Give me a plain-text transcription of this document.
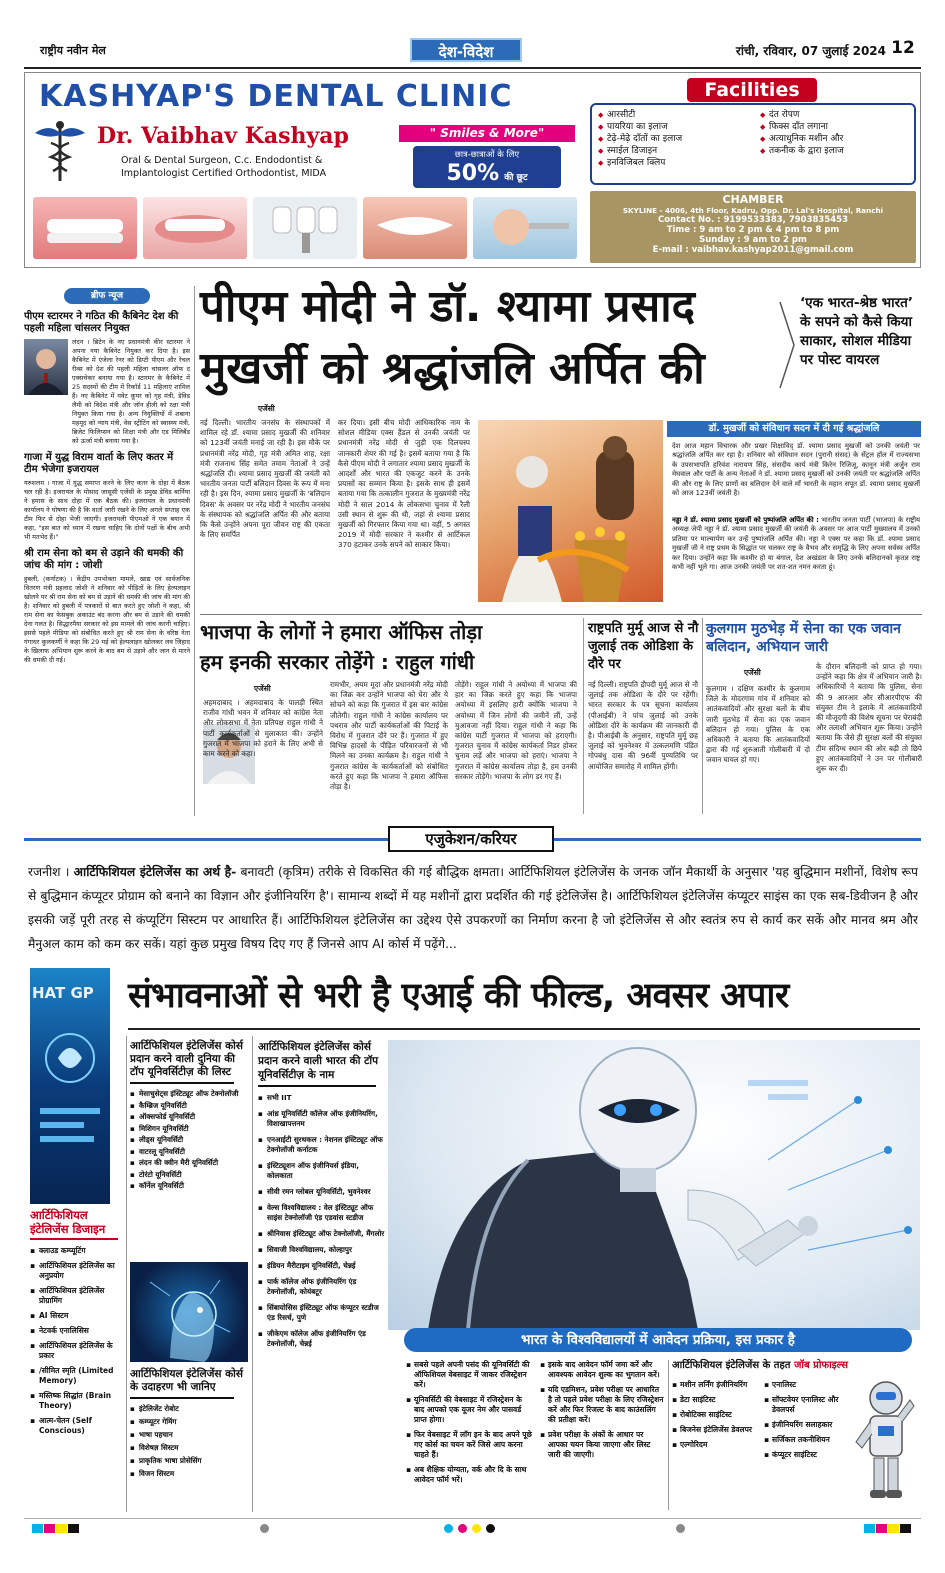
राष्ट्रीय नवीन मेल	देश-विदेश	रांची, रविवार, 07 जुलाई 2024 12
KASHYAP'S DENTAL CLINIC
Dr. Vaibhav Kashyap	" Smiles & More"
Oral & Dental Surgeon, C.c. Endodontist &
Implantologist Certified Orthodontist, MIDA
छात्र-छात्राओं के लिए
50% की छूट
Facilities
◆ आरसीटी
◆ पायरिया का इलाज
◆ टेढ़े-मेढ़े दाँतों का इलाज
◆ स्माईल डिजाइन
◆ इनविजिबल क्लिप
◆ दंत रोपण
◆ फिक्स दाँत लगाना
◆ अत्याधुनिक मशीन और
◆ तकनीक के द्वारा इलाज
CHAMBER
SKYLINE - 4006, 4th Floor, Kadru, Opp. Dr. Lal's Hospital, Ranchi
Contact No. : 9199533383, 7903835453
Time : 9 am to 2 pm & 4 pm to 8 pm
Sunday : 9 am to 2 pm
E-mail : vaibhav.kashyap2011@gmail.com
ब्रीफ न्यूज
पीएम स्टारमर ने गठित की कैबिनेट देश की पहली महिला चांसलर नियुक्त
लंदन । ब्रिटेन के नए प्रधानमंत्री कीर स्टारमर ने अपना नया कैबिनेट नियुक्त कर दिया है। इस कैबिनेट में एंजेला रेनर को डिप्टी पीएम और रेचल रीव्स को देश की पहली महिला चांसलर ऑफ द एक्सचेकर बनाया गया है। स्टारमर के कैबिनेट में 25 सदस्यों की टीम में रिकॉर्ड 11 महिलाएं शामिल हैं। नए कैबिनेट में यवेट कूपर को गृह मंत्री, डेविड लैमी को विदेश मंत्री और जॉन हीली को रक्षा मंत्री नियुक्त किया गया है। अन्य नियुक्तियों में शबाना महमूद को न्याय मंत्री, वेस स्ट्रीटिंग को स्वास्थ्य मंत्री, ब्रिजेट फिलिप्सन को शिक्षा मंत्री और एड मिलिबैंड को ऊर्जा मंत्री बनाया गया है।
गाजा में युद्ध विराम वार्ता के लिए कतर में टीम भेजेगा इजरायल
यरुशलम । गाजा में युद्ध समाप्त करने के लिए कतर के दोहा में बैठक चल रही है। इजरायल के मोसाद जासूसी एजेंसी के प्रमुख डेविड बार्निया ने हमास के साथ दोहा में एक बैठक की। इजरायल के प्रधानमंत्री कार्यालय ने घोषणा की है कि वार्ता जारी रखने के लिए अगले सप्ताह एक टीम फिर से दोहा भेजी जाएगी। इजरायली पीएमओ ने एक बयान में कहा, "इस बात को ध्यान में रखना चाहिए कि दोनों पक्षों के बीच अभी भी मतभेद हैं।"
श्री राम सेना को बम से उड़ाने की धमकी की जांच की मांग : जोशी
हुबली, (कर्नाटक) । केंद्रीय उपभोक्ता मामले, खाद्य एवं सार्वजनिक वितरण मंत्री प्रहलाद जोशी ने शनिवार को पीड़ितों के लिए हेल्पलाइन खोलने पर श्री राम सेना को बम से उड़ाने की धमकी की जांच की मांग की है। शनिवार को हुबली में पत्रकारों से बात करते हुए जोशी ने कहा, श्री राम सेना का फेसबुक अकाउंट बंद करना और बम से उड़ाने की धमकी देना गलत है। सिद्धारमैया सरकार को इस मामले की जांच करनी चाहिए। इससे पहले मीडिया को संबोधित करते हुए श्री राम सेना के वरिष्ठ नेता गंगाधर कुलकर्णी ने कहा कि 29 मई को हेल्पलाइन खोलकर लव जिहाद के खिलाफ अभियान शुरू करने के बाद बम से उड़ाने और जान से मारने की धमकी दी गई।
पीएम मोदी ने डॉ. श्यामा प्रसाद
मुखर्जी को श्रद्धांजलि अर्पित की
‘एक भारत-श्रेष्ठ भारत’ के सपने को कैसे किया साकार, सोशल मीडिया पर पोस्ट वायरल
एजेंसी
नई दिल्ली। भारतीय जनसंघ के संस्थापकों में शामिल रहे डॉ. श्यामा प्रसाद मुखर्जी की शनिवार को 123वीं जयंती मनाई जा रही है। इस मौके पर प्रधानमंत्री नरेंद्र मोदी, गृह मंत्री अमित शाह, रक्षा मंत्री राजनाथ सिंह समेत तमाम नेताओं ने उन्हें श्रद्धांजलि दी। श्यामा प्रसाद मुखर्जी की जयंती को भारतीय जनता पार्टी बलिदान दिवस के रूप में मना रही है। इस दिन, श्यामा प्रसाद मुखर्जी के 'बलिदान दिवस' के अवसर पर नरेंद्र मोदी ने भारतीय जनसंघ के संस्थापक को श्रद्धांजलि अर्पित की और बताया कि कैसे उन्होंने अपना पूरा जीवन राष्ट्र की एकता के लिए समर्पित
कर दिया। इसी बीच मोदी आधिकारिक नाम के सोशल मीडिया एक्स हैंडल से उनकी जयंती पर प्रधानमंत्री नरेंद्र मोदी से जुड़ी एक दिलचस्प जानकारी शेयर की गई है। इसमें बताया गया है कि कैसे पीएम मोदी ने लगातार श्यामा प्रसाद मुखर्जी के आदर्शों और भारत की एकजुट करने के उनके प्रयासों का सम्मान किया है। इसके साथ ही इसमें बताया गया कि तत्कालीन गुजरात के मुख्यमंत्री नरेंद्र मोदी ने साल 2014 के लोकसभा चुनाव में रैली उसी स्थान से शुरू की थी, जहां से श्यामा प्रसाद मुखर्जी को गिरफ्तार किया गया था। वहीं, 5 अगस्त 2019 में मोदी सरकार ने कश्मीर से आर्टिकल 370 हटाकर उनके सपने को साकार किया।
डॉ. मुखर्जी को संविधान सदन में दी गई श्रद्धांजलि
देश आज महान विचारक और प्रखर शिक्षाविद् डॉ. श्यामा प्रसाद मुखर्जी को उनकी जयंती पर श्रद्धांजलि अर्पित कर रहा है। शनिवार को संविधान सदन (पुरानी संसद) के सेंट्रल हॉल में राज्यसभा के उपसभापति हरिवंश नारायण सिंह, संसदीय कार्य मंत्री किरेन रिजिजू, कानून मंत्री अर्जुन राम मेघवाल और पार्टी के अन्य नेताओं ने डॉ. श्यामा प्रसाद मुखर्जी को उनकी जयंती पर श्रद्धांजलि अर्पित की और राष्ट्र के लिए प्राणों का बलिदान देने वाले माँ भारती के महान सपूत डॉ. श्यामा प्रसाद मुखर्जी को आज 123वीं जयंती है।
नड्डा ने डॉ. श्यामा प्रसाद मुखर्जी को पुष्पांजलि अर्पित की : भारतीय जनता पार्टी (भाजपा) के राष्ट्रीय अध्यक्ष जेपी नड्डा ने डॉ. श्यामा प्रसाद मुखर्जी की जयंती के अवसर पर आज पार्टी मुख्यालय में उनको प्रतिमा पर माल्यार्पण कर उन्हें पुष्पांजलि अर्पित की। नड्डा ने एक्स पर कहा कि डॉ. श्यामा प्रसाद मुखर्जी जी ने राष्ट्र प्रथम के सिद्धांत पर चलकर राष्ट्र के वैभव और समृद्धि के लिए अपना सर्वस्व अर्पित कर दिया। उन्होंने कहा कि कश्मीर हो या बंगाल, देश अखंडता के लिए उनके बलिदानको कृतज्ञ राष्ट्र कभी नहीं भूले गा। आज उनकी जयंती पर शत-शत नमन करता हूं।
भाजपा के लोगों ने हमारा ऑफिस तोड़ा
हम इनकी सरकार तोड़ेंगे : राहुल गांधी
एजेंसी
अहमदाबाद । अहमदाबाद के पालड़ी स्थित राजीव गांधी भवन में शनिवार को कांग्रेस नेता और लोकसभा में नेता प्रतिपक्ष राहुल गांधी ने पार्टी कार्यकर्ताओं से मुलाकात की। उन्होंने गुजरात में भाजपा को हराने के लिए अभी से काम करने को कहा।
रामभीर, अयम मूदा और प्रधानमंत्री नरेंद्र मोदी का जिक्र कर उन्होंने भाजपा को घेरा और ये सोचने को कहा कि गुजरात में इस बार कांग्रेस जीतेगी। राहुल गांधी ने कांग्रेस कार्यालय पर पथराव और पार्टी कार्यकर्ताओं की पिटाई के विरोध में गुजरात दौरे पर हैं। गुजरात में हुए विभिन्न हादसों के पीड़ित परिवारजनों से भी मिलने का उनका कार्यक्रम है। राहुल गांधी ने गुजरात कांग्रेस के कार्यकर्ताओं को संबोधित करते हुए कहा कि भाजपा ने हमारा ऑफिस तोड़ा है।
तोड़ेंगे। राहुल गांधी ने अयोध्या में भाजपा की हार का जिक्र करते हुए कहा कि भाजपा अयोध्या में इसलिए हारी क्योंकि भाजपा ने अयोध्या में जिन लोगों की जमीनें लीं, उन्हें मुआवजा नहीं दिया। राहुल गांधी ने कहा कि कांग्रेस पार्टी गुजरात में भाजपा को हराएगी। गुजरात चुनाव में कांग्रेस कार्यकर्ता निडर होकर चुनाव लड़ें और भाजपा को हराएं। भाजपा ने गुजरात में कांग्रेस कार्यालय तोड़ा है, हम उनकी सरकार तोड़ेंगे। भाजपा के लोग डर गए हैं।
राष्ट्रपति मुर्मू आज से नौ जुलाई तक ओडिशा के दौरे पर
नई दिल्ली। राष्ट्रपति द्रौपदी मुर्मू आज से नौ जुलाई तक ओडिशा के दौरे पर रहेंगी। भारत सरकार के पत्र सूचना कार्यालय (पीआईबी) ने पांच जुलाई को उनके ओडिशा दौरे के कार्यक्रम की जानकारी दी है। पीआईबी के अनुसार, राष्ट्रपति मुर्मू छह जुलाई को भुवनेश्वर में उत्कलमणि पंडित गोपबंधु दास की 96वीं पुण्यतिथि पर आयोजित समारोह में शामिल होंगी।
कुलगाम मुठभेड़ में सेना का एक जवान बलिदान, अभियान जारी
एजेंसी
कुलगाम । दक्षिण कश्मीर के कुलगाम जिले के मोदरगाम गांव में शनिवार को आतंकवादियों और सुरक्षा बलों के बीच जारी मुठभेड़ में सेना का एक जवान बलिदान हो गया। पुलिस के एक अधिकारी ने बताया कि आतंकवादियों द्वारा की गई शुरुआती गोलीबारी में दो जवान घायल हो गए।
के दौरान बलिदानी को प्राप्त हो गया। उन्होंने कहा कि क्षेत्र में अभियान जारी है। अधिकारियों ने बताया कि पुलिस, सेना की 9 आरआर और सीआरपीएफ की संयुक्त टीम ने इलाके में आतंकवादियों की मौजूदगी की विशेष सूचना पर घेराबंदी और तलाशी अभियान शुरू किया। उन्होंने बताया कि जैसे ही सुरक्षा बलों की संयुक्त टीम संदिग्ध स्थान की ओर बढ़ी तो छिपे हुए आतंकवादियों ने उन पर गोलीबारी शुरू कर दी।
एजुकेशन/करियर
रजनीश । आर्टिफिशियल इंटेलिजेंस का अर्थ है- बनावटी (कृत्रिम) तरीके से विकसित की गई बौद्धिक क्षमता। आर्टिफिशियल इंटेलिजेंस के जनक जॉन मैकार्थी के अनुसार 'यह बुद्धिमान मशीनों, विशेष रूप से बुद्धिमान कंप्यूटर प्रोग्राम को बनाने का विज्ञान और इंजीनियरिंग है'। सामान्य शब्दों में यह मशीनों द्वारा प्रदर्शित की गई इंटेलिजेंस है। आर्टिफिशियल इंटेलिजेंस कंप्यूटर साइंस का एक सब-डिवीजन है और इसकी जड़ें पूरी तरह से कंप्यूटिंग सिस्टम पर आधारित हैं। आर्टिफिशियल इंटेलिजेंस का उद्देश्य ऐसे उपकरणों का निर्माण करना है जो इंटेलिजेंस से और स्वतंत्र रुप से कार्य कर सकें और मानव श्रम और मैनुअल काम को कम कर सकें। यहां कुछ प्रमुख विषय दिए गए हैं जिनसे आप AI कोर्स में पढ़ेंगे...
संभावनाओं से भरी है एआई की फील्ड, अवसर अपार
HAT GP
आर्टिफिशियल इंटेलिजेंस डिजाइन
▪ क्लाउड कम्प्यूटिंग
▪ आर्टिफिशियल इंटेलिजेंस का अनुप्रयोग
▪ आर्टिफिशियल इंटेलिजेंस प्रोग्रामिंग
▪ AI सिस्टम
▪ नेटवर्क एनालिसिस
▪ आर्टिफिशियल इंटेलिजेंस के प्रकार
▪ /सीमित स्मृति (Limited Memory)
▪ मस्तिष्क सिद्धांत (Brain Theory)
▪ आत्म-चेतन (Self Conscious)
आर्टिफिशियल इंटेलिजेंस कोर्स प्रदान करने वाली दुनिया की टॉप यूनिवर्सिटीज़ की लिस्ट
▪ मेसाचुसेट्स इंस्टिट्यूट ऑफ टेक्नोलॉजी
▪ कैम्ब्रिज यूनिवर्सिटी
▪ ऑक्सफोर्ड यूनिवर्सिटी
▪ मिशिगन यूनिवर्सिटी
▪ लीड्स यूनिवर्सिटी
▪ वाटरलू यूनिवर्सिटी
▪ लंदन की क्वीन मैरी यूनिवर्सिटी
▪ टोरंटो यूनिवर्सिटी
▪ कॉर्नेल यूनिवर्सिटी
आर्टिफिशियल इंटेलिजेंस कोर्स के उदाहरण भी जानिए
▪ इंटेलिजेंट रोबोट
▪ कम्प्यूटर गेमिंग
▪ भाषा पहचान
▪ विशेषज्ञ सिस्टम
▪ प्राकृतिक भाषा प्रोसेसिंग
▪ विजन सिस्टम
आर्टिफिशियल इंटेलिजेंस कोर्स प्रदान करने वाली भारत की टॉप यूनिवर्सिटीज़ के नाम
▪ सभी IIT
▪ आंध्र यूनिवर्सिटी कॉलेज ऑफ इंजीनियरिंग, विशाखापत्तनम
▪ एनआईटी सुरथकल : नेशनल इंस्टिट्यूट ऑफ टेक्नोलॉजी कर्नाटक
▪ इंस्टिट्यूशन ऑफ इंजीनियर्स इंडिया, कोलकाता
▪ सीवी रमन ग्लोबल यूनिवर्सिटी, भुवनेश्वर
▪ वेल्स विश्वविद्यालय : वेल इंस्टिट्यूट ऑफ साइंस टेक्नोलॉजी एंड एडवांस स्टडीज
▪ श्रीनिवास इंस्टिट्यूट ऑफ टेक्नोलॉजी, मैंगलोर
▪ सिवाजी विश्वविद्यालय, कोल्हापुर
▪ इंडियन मैरीटाइम यूनिवर्सिटी, चेन्नई
▪ पार्क कॉलेज ऑफ इंजीनियरिंग एंड टेक्नोलॉजी, कोयंबटूर
▪ सिंबायोसिस इंस्टिट्यूट ऑफ कंप्यूटर स्टडीज एंड रिसर्च, पुणे
▪ जीकेएम कॉलेज ऑफ इंजीनियरिंग एंड टेक्नोलॉजी, चेन्नई	भारत के विश्वविद्यालयों में आवेदन प्रक्रिया, इस प्रकार है
▪ सबसे पहले अपनी पसंद की यूनिवर्सिटी की ऑफिशियल वेबसाइट में जाकर रजिस्ट्रेशन करें।
▪ यूनिवर्सिटी की वेबसाइट में रजिस्ट्रेशन के बाद आपको एक यूजर नेम और पासवर्ड प्राप्त होगा।
▪ फिर वेबसाइट में लाॅग इन के बाद अपने पूछे गए कोर्स का चयन करें जिसे आप करना चाहते हैं।
▪ अब शैक्षिक योग्यता, वर्क और दि के साथ आवेदन फॉर्म भरें।
▪ इसके बाद आवेदन फॉर्म जमा करें और आवश्यक आवेदन शुल्क का भुगतान करें।
▪ यदि एडमिशन, प्रवेश परीक्षा पर आधारित है तो पहले प्रवेश परीक्षा के लिए रजिस्ट्रेशन करें और फिर रिजल्ट के बाद काउंसलिंग की प्रतीक्षा करें।
▪ प्रवेश परीक्षा के अंकों के आधार पर आपका चयन किया जाएगा और लिस्ट जारी की जाएगी।
आर्टिफिशियल इंटेलिजेंस के तहत जॉब प्रोफाइल्स
▪ मशीन लर्निंग इंजीनियरिंग
▪ डेटा साइंटिस्ट
▪ रोबोटिक्स साइंटिस्ट
▪ बिजनेस इंटेलिजेंस डेवलपर
▪ एल्गोरिदम
▪ एनालिस्ट
▪ सॉफ्टवेयर एनालिस्ट और डेवलपर्स
▪ इंजीनियरिंग सलाहकार
▪ सर्जिकल तकनीशियन
▪ कंप्यूटर साइंटिस्ट
